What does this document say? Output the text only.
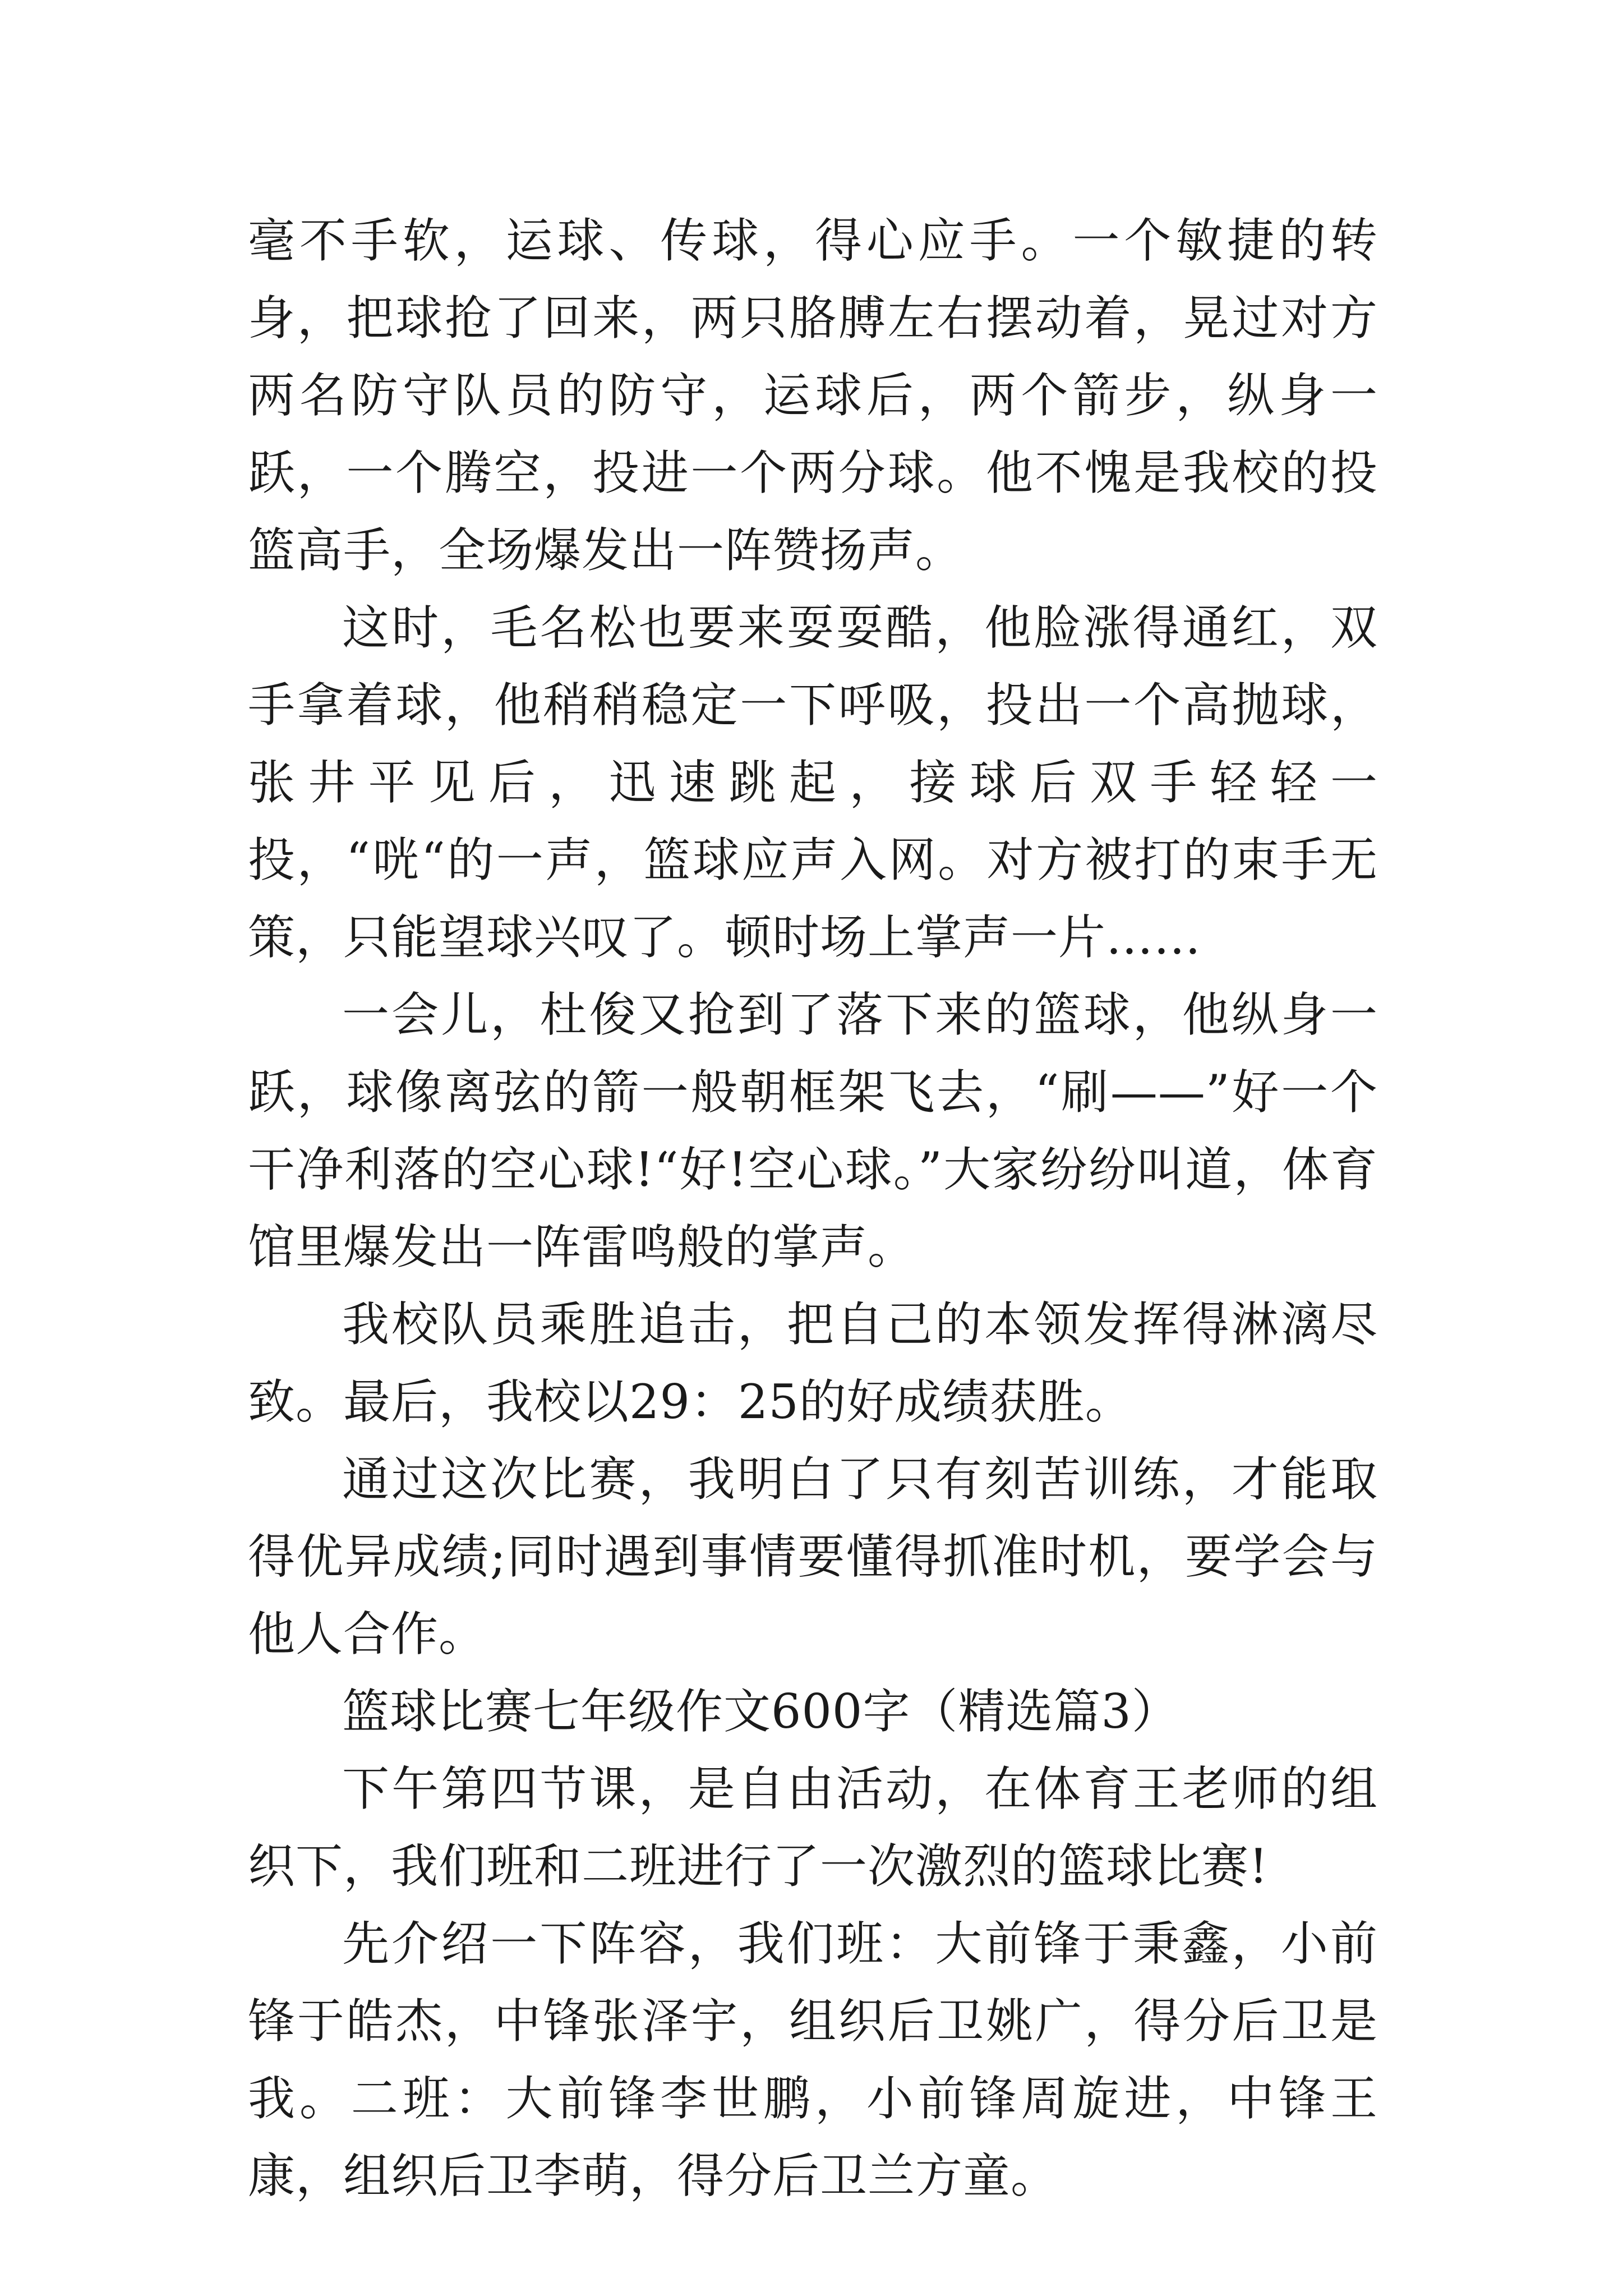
毫不手软，运球、传球，得心应手。一个敏捷的转身，把球抢了回来，两只胳膊左右摆动着，晃过对方两名防守队员的防守，运球后，两个箭步，纵身一跃，一个腾空，投进一个两分球。他不愧是我校的投篮高手，全场爆发出一阵赞扬声。

这时，毛名松也要来耍耍酷，他脸涨得通红，双手拿着球，他稍稍稳定一下呼吸，投出一个高抛球，张井平见后，迅速跳起，接球后双手轻轻一投，“咣“的一声，篮球应声入网。对方被打的束手无策，只能望球兴叹了。顿时场上掌声一片……

一会儿，杜俊又抢到了落下来的篮球，他纵身一跃，球像离弦的箭一般朝框架飞去，“刷——”好一个干净利落的空心球!“好!空心球。”大家纷纷叫道，体育馆里爆发出一阵雷鸣般的掌声。

我校队员乘胜追击，把自己的本领发挥得淋漓尽致。最后，我校以29：25的好成绩获胜。

通过这次比赛，我明白了只有刻苦训练，才能取得优异成绩;同时遇到事情要懂得抓准时机，要学会与他人合作。

篮球比赛七年级作文600字（精选篇3）

下午第四节课，是自由活动，在体育王老师的组织下，我们班和二班进行了一次激烈的篮球比赛!

先介绍一下阵容，我们班：大前锋于秉鑫，小前锋于皓杰，中锋张泽宇，组织后卫姚广，得分后卫是我。二班：大前锋李世鹏，小前锋周旋进，中锋王康，组织后卫李萌，得分后卫兰方童。
